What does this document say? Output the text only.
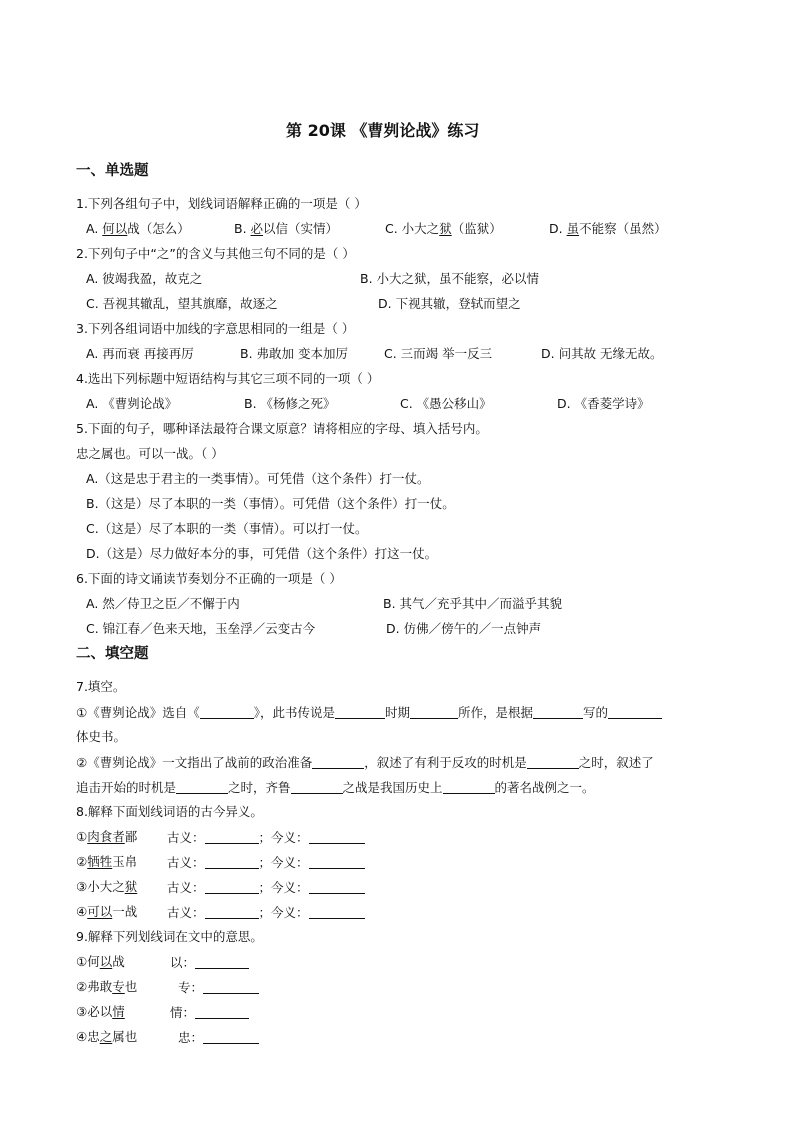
第 20课 《曹刿论战》练习
一、单选题
1.下列各组句子中，划线词语解释正确的一项是（ ）
A. 何以战（怎么）	B. 必以信（实情）	C. 小大之狱（监狱）	D. 虽不能察（虽然）
2.下列句子中“之”的含义与其他三句不同的是（ ）
A. 彼竭我盈，故克之	B. 小大之狱，虽不能察，必以情
C. 吾视其辙乱，望其旗靡，故逐之	D. 下视其辙，登轼而望之
3.下列各组词语中加线的字意思相同的一组是（ ）
A. 再而衰 再接再厉	B. 弗敢加 变本加厉	C. 三而竭 举一反三	D. 问其故 无缘无故。
4.选出下列标题中短语结构与其它三项不同的一项（ ）
A. 《曹刿论战》	B. 《杨修之死》	C. 《愚公移山》	D. 《香菱学诗》
5.下面的句子，哪种译法最符合课文原意？请将相应的字母、填入括号内。
忠之属也。可以一战。（ ）
A.（这是忠于君主的一类事情）。可凭借（这个条件）打一仗。
B.（这是）尽了本职的一类（事情）。可凭借（这个条件）打一仗。
C.（这是）尽了本职的一类（事情）。可以打一仗。
D.（这是）尽力做好本分的事，可凭借（这个条件）打这一仗。
6.下面的诗文诵读节奏划分不正确的一项是（ ）
A. 然／侍卫之臣／不懈于内	B. 其气／充乎其中／而溢乎其貌
C. 锦江春／色来天地，玉垒浮／云变古今	D. 仿佛／傍午的／一点钟声
二、填空题
7.填空。
①《曹刿论战》选自《	》，此书传说是	时期	所作，是根据	写的
体史书。
②《曹刿论战》一文指出了战前的政治准备	，叙述了有利于反攻的时机是	之时，叙述了
追击开始的时机是	之时，齐鲁	之战是我国历史上	的著名战例之一。
8.解释下面划线词语的古今异义。
①肉食者鄙 古义：	；今义：
②牺牲玉帛 古义：	；今义：
③小大之狱 古义：	；今义：
④可以一战 古义：	；今义：
9.解释下列划线词在文中的意思。
①何以战	以：
②弗敢专也	专：
③必以情	情：
④忠之属也	忠：
